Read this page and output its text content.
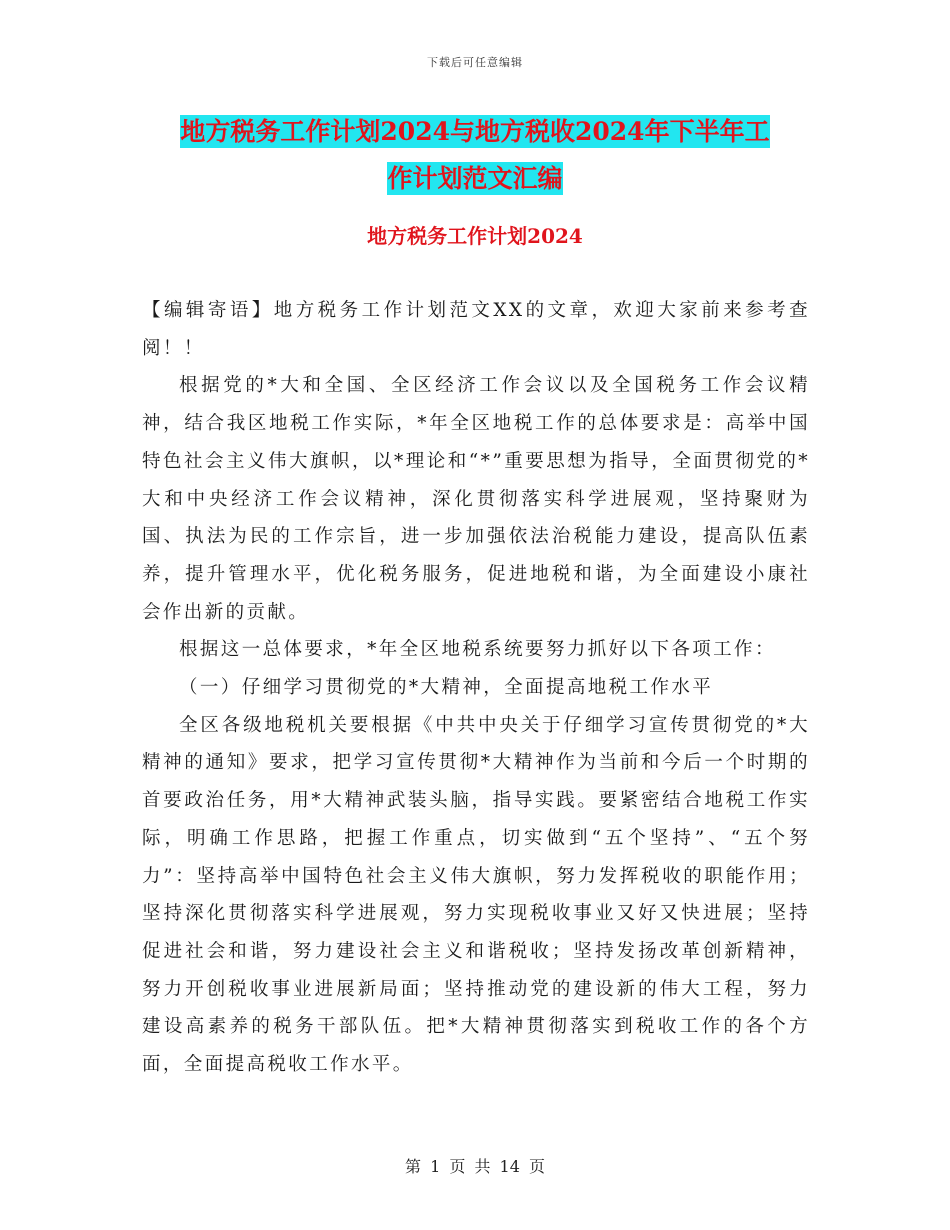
下载后可任意编辑
地方税务工作计划2024与地方税收2024年下半年工
作计划范文汇编
地方税务工作计划2024

【编辑寄语】地方税务工作计划范文XX的文章，欢迎大家前来参考查阅！！

根据党的*大和全国、全区经济工作会议以及全国税务工作会议精神，结合我区地税工作实际，*年全区地税工作的总体要求是：高举中国特色社会主义伟大旗帜，以*理论和“*”重要思想为指导，全面贯彻党的*大和中央经济工作会议精神，深化贯彻落实科学进展观，坚持聚财为国、执法为民的工作宗旨，进一步加强依法治税能力建设，提高队伍素养，提升管理水平，优化税务服务，促进地税和谐，为全面建设小康社会作出新的贡献。

根据这一总体要求，*年全区地税系统要努力抓好以下各项工作：

（一）仔细学习贯彻党的*大精神，全面提高地税工作水平

全区各级地税机关要根据《中共中央关于仔细学习宣传贯彻党的*大精神的通知》要求，把学习宣传贯彻*大精神作为当前和今后一个时期的首要政治任务，用*大精神武装头脑，指导实践。要紧密结合地税工作实际，明确工作思路，把握工作重点，切实做到“五个坚持”、“五个努力”：坚持高举中国特色社会主义伟大旗帜，努力发挥税收的职能作用；坚持深化贯彻落实科学进展观，努力实现税收事业又好又快进展；坚持促进社会和谐，努力建设社会主义和谐税收；坚持发扬改革创新精神，努力开创税收事业进展新局面；坚持推动党的建设新的伟大工程，努力建设高素养的税务干部队伍。把*大精神贯彻落实到税收工作的各个方面，全面提高税收工作水平。

第 1 页 共 14 页
